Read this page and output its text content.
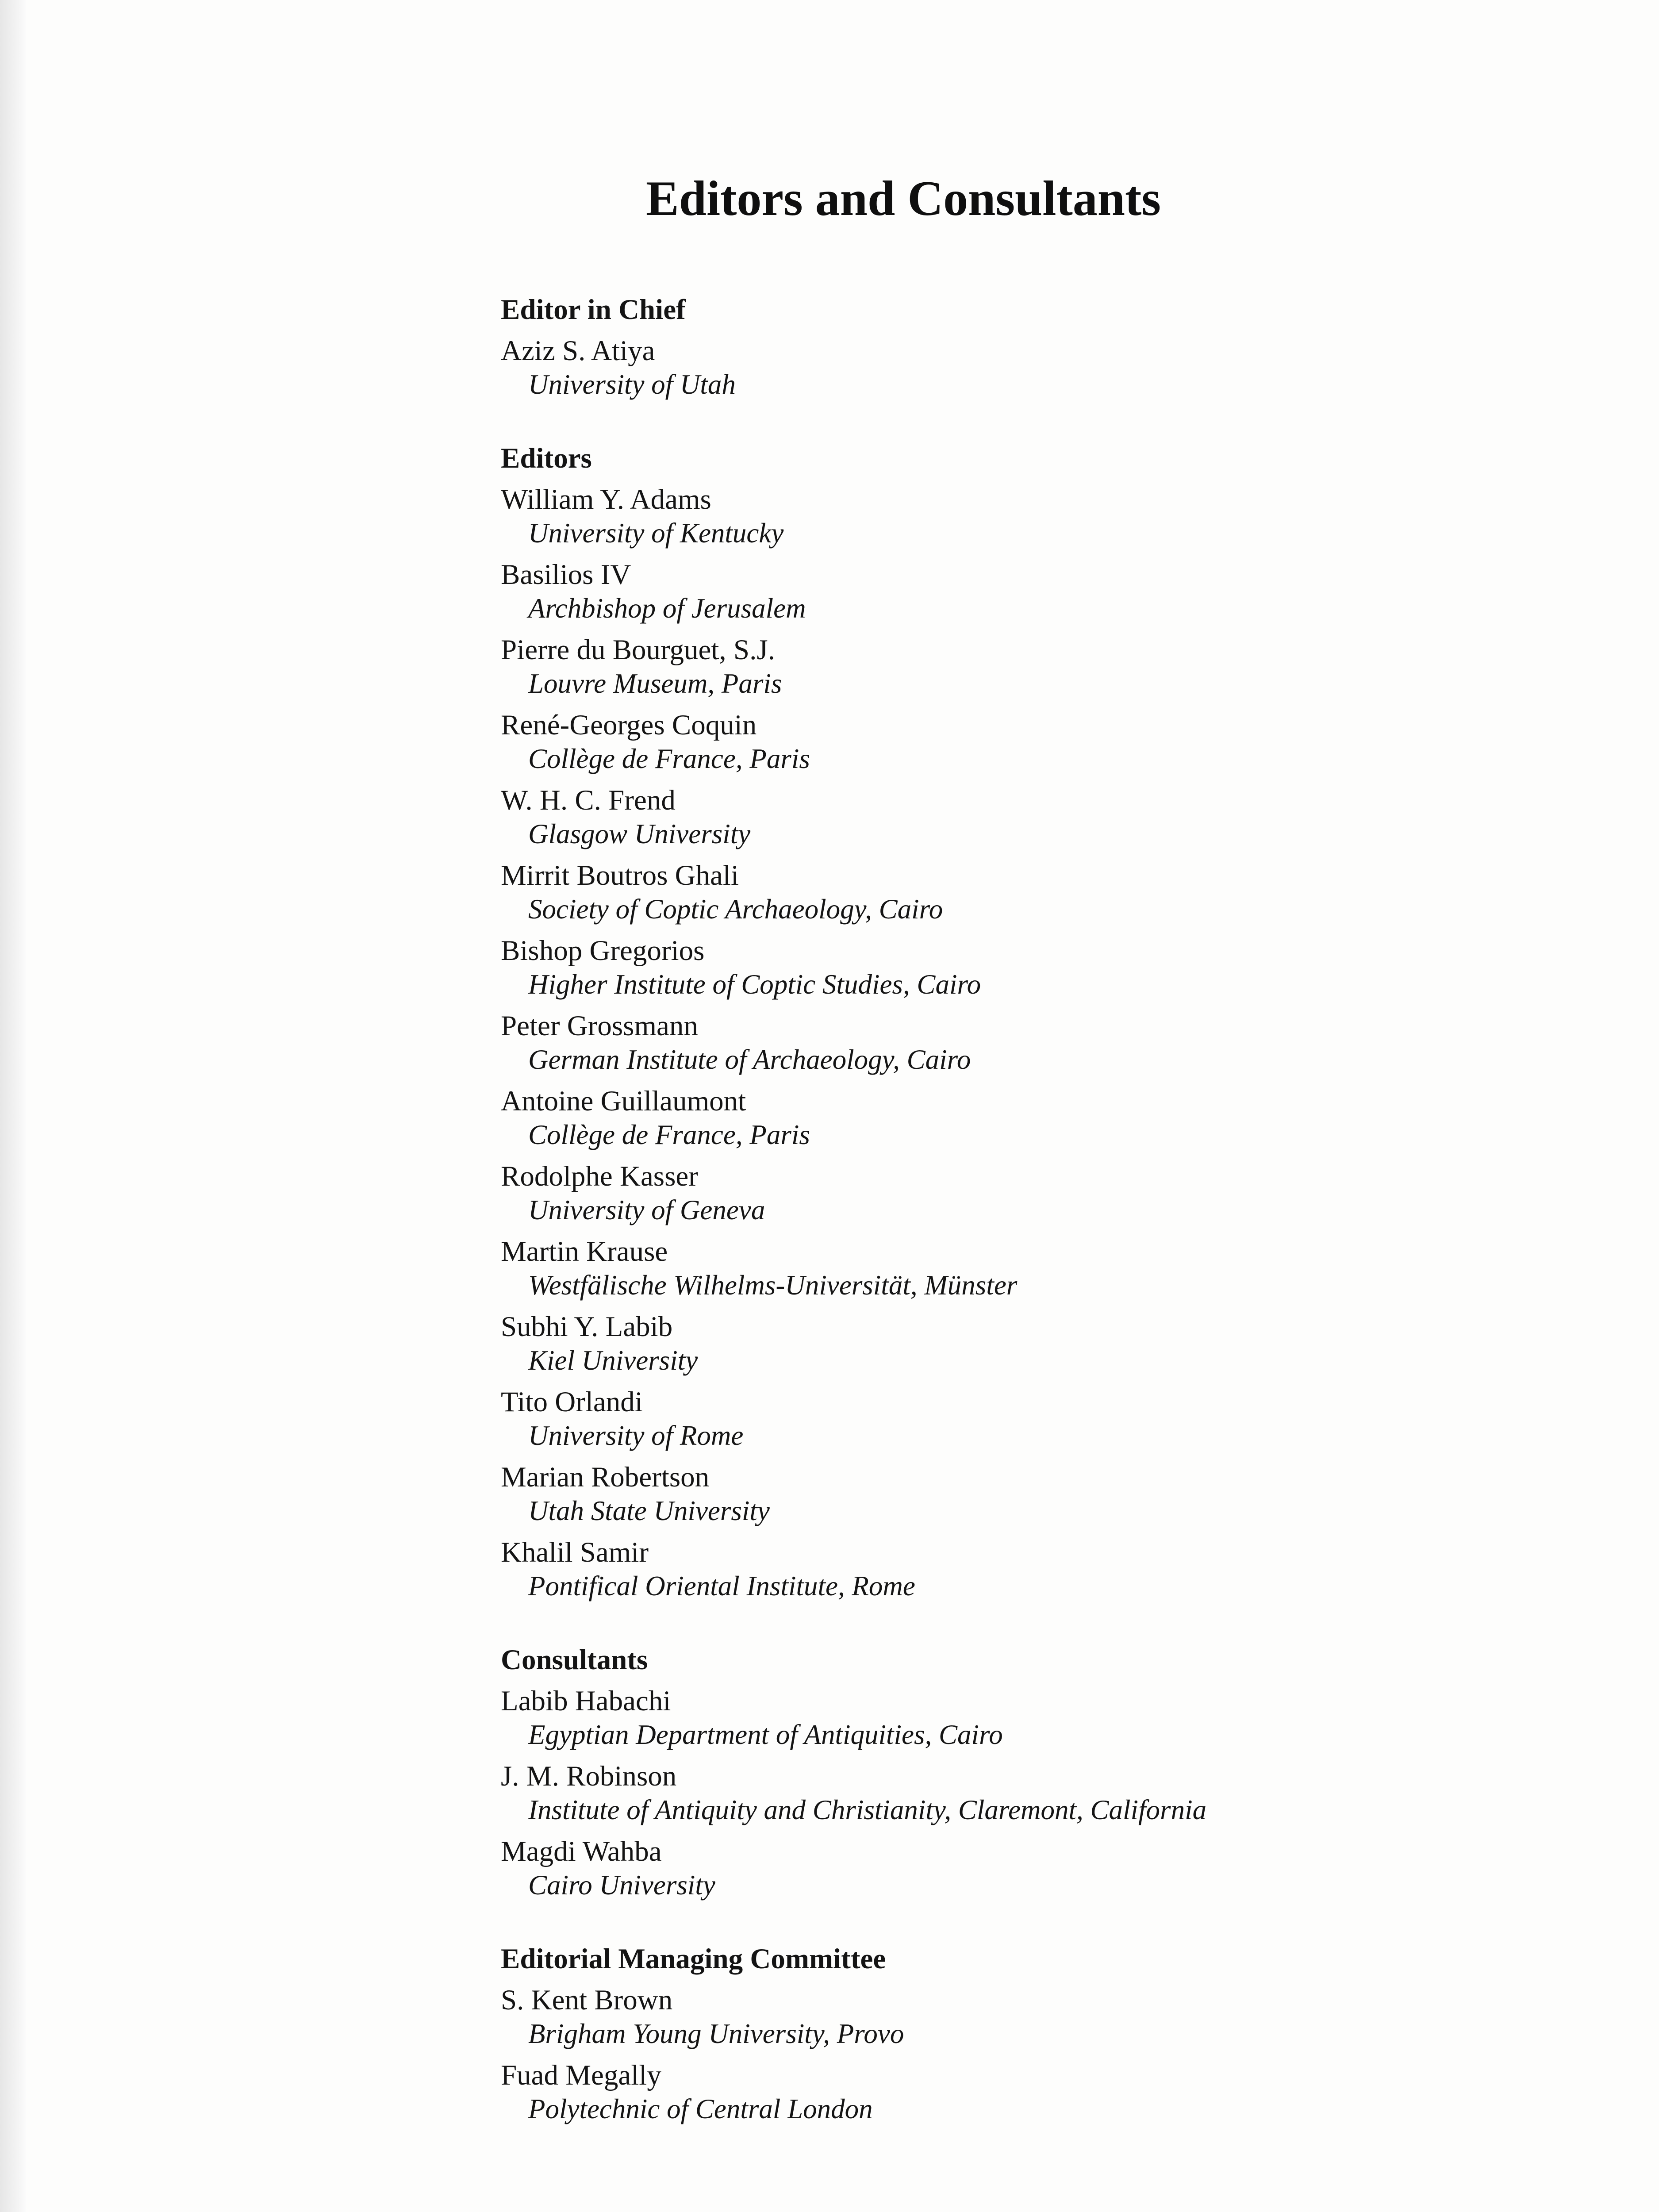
Editors and Consultants
Editor in Chief
Aziz S. Atiya
University of Utah
Editors
William Y. Adams
University of Kentucky
Basilios IV
Archbishop of Jerusalem
Pierre du Bourguet, S.J.
Louvre Museum, Paris
René-Georges Coquin
Collège de France, Paris
W. H. C. Frend
Glasgow University
Mirrit Boutros Ghali
Society of Coptic Archaeology, Cairo
Bishop Gregorios
Higher Institute of Coptic Studies, Cairo
Peter Grossmann
German Institute of Archaeology, Cairo
Antoine Guillaumont
Collège de France, Paris
Rodolphe Kasser
University of Geneva
Martin Krause
Westfälische Wilhelms-Universität, Münster
Subhi Y. Labib
Kiel University
Tito Orlandi
University of Rome
Marian Robertson
Utah State University
Khalil Samir
Pontifical Oriental Institute, Rome
Consultants
Labib Habachi
Egyptian Department of Antiquities, Cairo
J. M. Robinson
Institute of Antiquity and Christianity, Claremont, California
Magdi Wahba
Cairo University
Editorial Managing Committee
S. Kent Brown
Brigham Young University, Provo
Fuad Megally
Polytechnic of Central London
